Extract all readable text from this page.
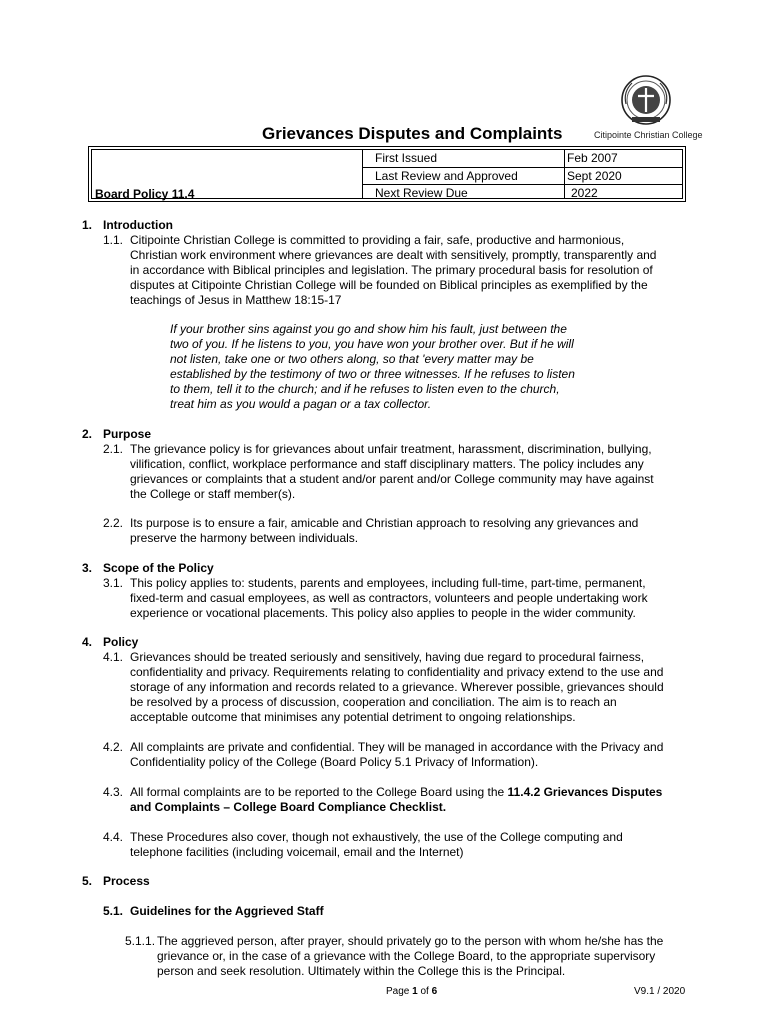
Citipointe Christian College
Grievances Disputes and Complaints
Board Policy 11.4
First Issued	Feb 2007
Last Review and Approved	Sept 2020
Next Review Due	2022
1. Introduction
1.1. Citipointe Christian College is committed to providing a fair, safe, productive and harmonious,
Christian work environment where grievances are dealt with sensitively, promptly, transparently and
in accordance with Biblical principles and legislation. The primary procedural basis for resolution of
disputes at Citipointe Christian College will be founded on Biblical principles as exemplified by the
teachings of Jesus in Matthew 18:15-17
If your brother sins against you go and show him his fault, just between the
two of you. If he listens to you, you have won your brother over. But if he will
not listen, take one or two others along, so that 'every matter may be
established by the testimony of two or three witnesses. If he refuses to listen
to them, tell it to the church; and if he refuses to listen even to the church,
treat him as you would a pagan or a tax collector.
2. Purpose
2.1. The grievance policy is for grievances about unfair treatment, harassment, discrimination, bullying,
vilification, conflict, workplace performance and staff disciplinary matters. The policy includes any
grievances or complaints that a student and/or parent and/or College community may have against
the College or staff member(s).
2.2. Its purpose is to ensure a fair, amicable and Christian approach to resolving any grievances and
preserve the harmony between individuals.
3. Scope of the Policy
3.1. This policy applies to: students, parents and employees, including full-time, part-time, permanent,
fixed-term and casual employees, as well as contractors, volunteers and people undertaking work
experience or vocational placements. This policy also applies to people in the wider community.
4. Policy
4.1. Grievances should be treated seriously and sensitively, having due regard to procedural fairness,
confidentiality and privacy. Requirements relating to confidentiality and privacy extend to the use and
storage of any information and records related to a grievance. Wherever possible, grievances should
be resolved by a process of discussion, cooperation and conciliation. The aim is to reach an
acceptable outcome that minimises any potential detriment to ongoing relationships.
4.2. All complaints are private and confidential. They will be managed in accordance with the Privacy and
Confidentiality policy of the College (Board Policy 5.1 Privacy of Information).
4.3. All formal complaints are to be reported to the College Board using the 11.4.2 Grievances Disputes
and Complaints – College Board Compliance Checklist.
4.4. These Procedures also cover, though not exhaustively, the use of the College computing and
telephone facilities (including voicemail, email and the Internet)
5. Process
5.1. Guidelines for the Aggrieved Staff
5.1.1. The aggrieved person, after prayer, should privately go to the person with whom he/she has the
grievance or, in the case of a grievance with the College Board, to the appropriate supervisory
person and seek resolution. Ultimately within the College this is the Principal.
Page 1 of 6	V9.1 / 2020
